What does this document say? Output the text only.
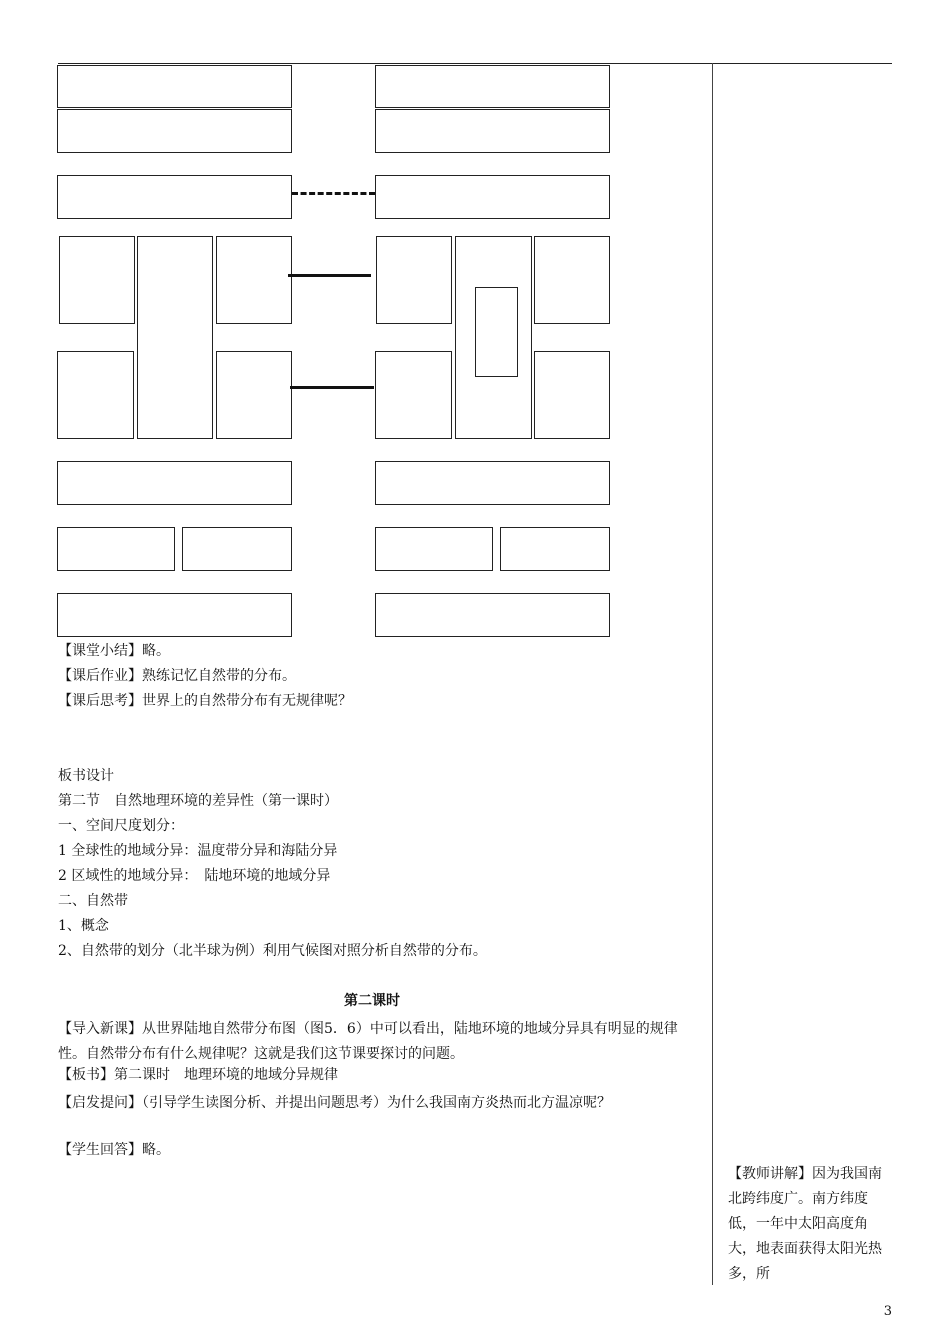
【课堂小结】略。
【课后作业】熟练记忆自然带的分布。
【课后思考】世界上的自然带分布有无规律呢？
板书设计
第二节　自然地理环境的差异性（第一课时）
一、空间尺度划分：
1 全球性的地域分异：温度带分异和海陆分异
2 区域性的地域分异：　陆地环境的地域分异
二、自然带
1、概念
2、自然带的划分（北半球为例）利用气候图对照分析自然带的分布。
第二课时
【导入新课】从世界陆地自然带分布图（图5．6）中可以看出，陆地环境的地域分异具有明显的规律性。自然带分布有什么规律呢？这就是我们这节课要探讨的问题。
【板书】第二课时　地理环境的地域分异规律
【启发提问】（引导学生读图分析、并提出问题思考）为什么我国南方炎热而北方温凉呢？
【学生回答】略。
【教师讲解】因为我国南北跨纬度广。南方纬度低，一年中太阳高度角大，地表面获得太阳光热多，所
3
